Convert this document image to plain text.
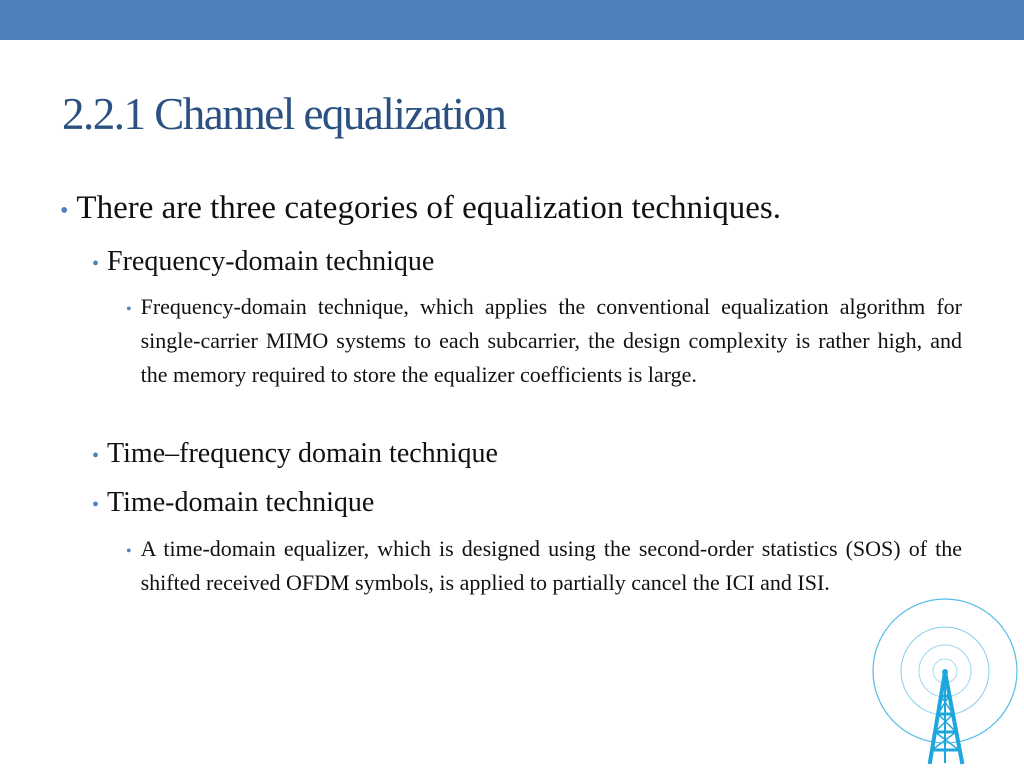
2.2.1 Channel equalization
• There are three categories of equalization techniques.
• Frequency-domain technique
• Frequency-domain technique, which applies the conventional equalization algorithm for single-carrier MIMO systems to each subcarrier, the design complexity is rather high, and the memory required to store the equalizer coefficients is large.
• Time–frequency domain technique
• Time-domain technique
• A time-domain equalizer, which is designed using the second-order statistics (SOS) of the shifted received OFDM symbols, is applied to partially cancel the ICI and ISI.
